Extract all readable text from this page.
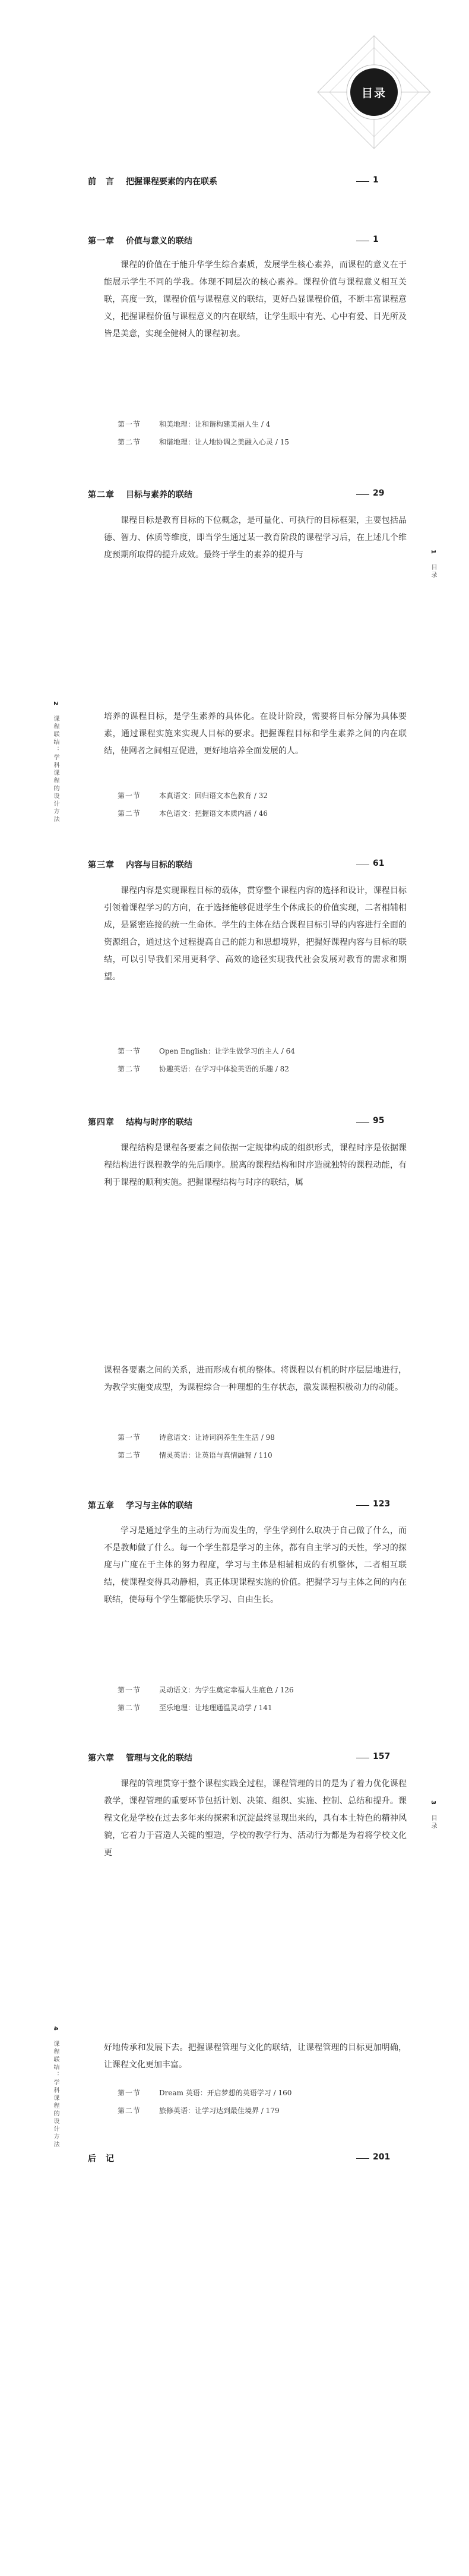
目录
前　言 把握课程要素的内在联系	1
第一章 价值与意义的联结	1

课程的价值在于能升华学生综合素质，发展学生核心素养，而课程的意义在于能展示学生不同的学我。体现不同层次的核心素养。课程价值与课程意义相互关联，高度一致，课程价值与课程意义的联结，更好凸显课程价值，不断丰富课程意义，把握课程价值与课程意义的内在联结，让学生眼中有光、心中有爱、目光所及皆是美意，实现全健树人的课程初衷。

第一节	和美地理：让和谐构建美丽人生 / 4
第二节	和谐地理：让人地协调之美融入心灵 / 15
第二章 目标与素养的联结	29

课程目标是教育目标的下位概念，是可量化、可执行的目标框架，主要包括品德、智力、体质等维度，即当学生通过某一教育阶段的课程学习后，在上述几个维度预期所取得的提升成效。最终于学生的素养的提升与	1 目录
2 课程联结：学科课程的设计方法	培养的课程目标，是学生素养的具体化。在设计阶段，需要将目标分解为具体要素，通过课程实施来实现人目标的要求。把握课程目标和学生素养之间的内在联结，使网者之间相互促进，更好地培养全面发展的人。

第一节	本真语文：回归语文本色教育 / 32
第二节	本色语文：把握语文本质内涵 / 46
第三章 内容与目标的联结	61

课程内容是实现课程目标的载体，贯穿整个课程内容的选择和设计，课程目标引领着课程学习的方向，在于选择能够促进学生个体成长的价值实现，二者相辅相成，是紧密连接的统一生命体。学生的主体在结合课程目标引导的内容进行全面的资源组合，通过这个过程提高自己的能力和思想境界，把握好课程内容与目标的联结，可以引导我们采用更科学、高效的途径实现我代社会发展对教育的需求和期望。

第一节	Open English：让学生做学习的主人 / 64
第二节	协趣英语：在学习中体验英语的乐趣 / 82
第四章 结构与时序的联结	95

课程结构是课程各要素之间依据一定规律构成的组织形式，课程时序是依据课程结构进行课程教学的先后顺序。脱离的课程结构和时序造就独特的课程动能，有利于课程的顺利实施。把握课程结构与时序的联结，属

课程各要素之间的关系，进而形成有机的整体。将课程以有机的时序层层地进行，为教学实施变成型，为课程综合一种理想的生存状态，激发课程积极动力的动能。

第一节	诗意语文：让诗词润养生生生活 / 98
第二节	情灵英语：让英语与真情融智 / 110
第五章 学习与主体的联结	123

学习是通过学生的主动行为而发生的，学生学到什么取决于自己做了什么，而不是教师做了什么。每一个学生都是学习的主体，都有自主学习的天性，学习的探度与广度在于主体的努力程度，学习与主体是相辅相成的有机整体，二者相互联结，使课程变得具动静相，真正体现课程实施的价值。把握学习与主体之间的内在联结，使每每个学生都能快乐学习、自由生长。

第一节	灵动语文：为学生奠定幸福人生底色 / 126
第二节	至乐地理：让地理通温灵动学 / 141
第六章 管理与文化的联结	157

课程的管理贯穿于整个课程实践全过程，课程管理的目的是为了着力优化课程教学，课程管理的重要环节包括计划、决策、组织、实施、控制、总结和提升。课程文化是学校在过去多年来的探索和沉淀最终显现出来的，具有本土特色的精神风貌，它着力于营造人关键的塑造，学校的教学行为、活动行为都是为着将学校文化更

3 目录
4 课程联结：学科课程的设计方法	好地传承和发展下去。把握课程管理与文化的联结，让课程管理的目标更加明确，让课程文化更加丰富。

第一节	Dream 英语：开启梦想的英语学习 / 160
第二节	旅修英语：让学习达到最佳境界 / 179
后　记	201
